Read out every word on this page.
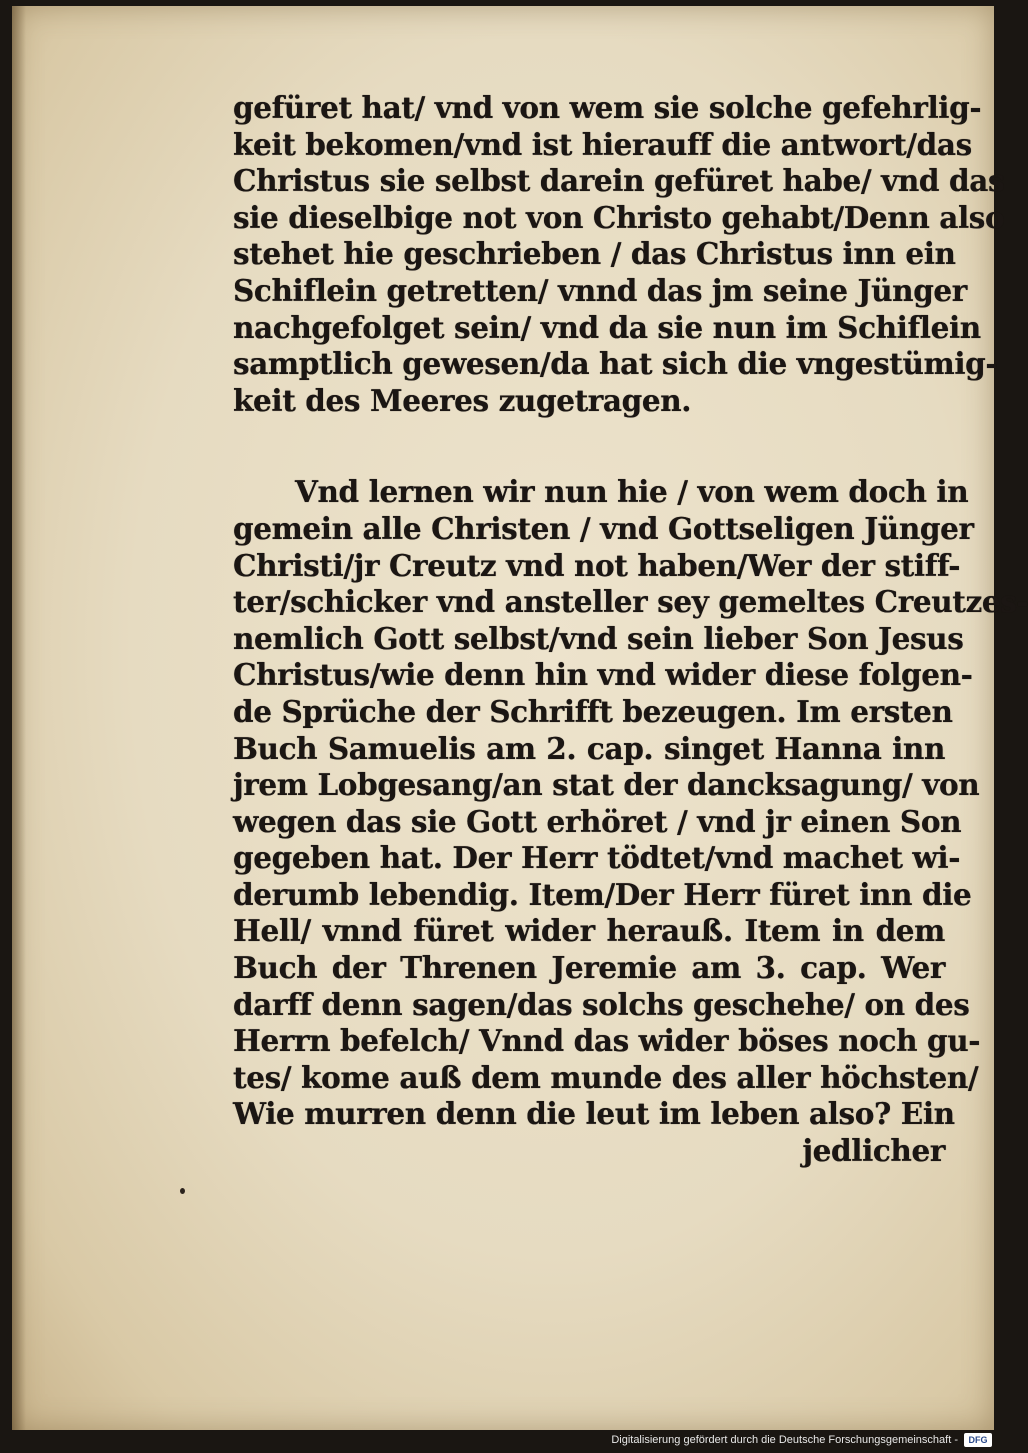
gefüret hat/ vnd von wem sie solche gefehrlig-
keit bekomen/vnd ist hierauff die antwort/das
Christus sie selbst darein gefüret habe/ vnd das
sie dieselbige not von Christo gehabt/Denn also
stehet hie geschrieben / das Christus inn ein
Schiflein getretten/ vnnd das jm seine Jünger
nachgefolget sein/ vnd da sie nun im Schiflein
samptlich gewesen/da hat sich die vngestümig-
keit des Meeres zugetragen.
Vnd lernen wir nun hie / von wem doch in
gemein alle Christen / vnd Gottseligen Jünger
Christi/jr Creutz vnd not haben/Wer der stiff-
ter/schicker vnd ansteller sey gemeltes Creutzes-
nemlich Gott selbst/vnd sein lieber Son Jesus
Christus/wie denn hin vnd wider diese folgen-
de Sprüche der Schrifft bezeugen. Im ersten
Buch Samuelis am 2. cap. singet Hanna inn
jrem Lobgesang/an stat der dancksagung/ von
wegen das sie Gott erhöret / vnd jr einen Son
gegeben hat. Der Herr tödtet/vnd machet wi-
derumb lebendig. Item/Der Herr füret inn die
Hell/ vnnd füret wider herauß. Item in dem
Buch der Threnen Jeremie am 3. cap. Wer
darff denn sagen/das solchs geschehe/ on des
Herrn befelch/ Vnnd das wider böses noch gu-
tes/ kome auß dem munde des aller höchsten/
Wie murren denn die leut im leben also? Ein
jedlicher
Digitalisierung gefördert durch die Deutsche Forschungsgemeinschaft -	DFG
